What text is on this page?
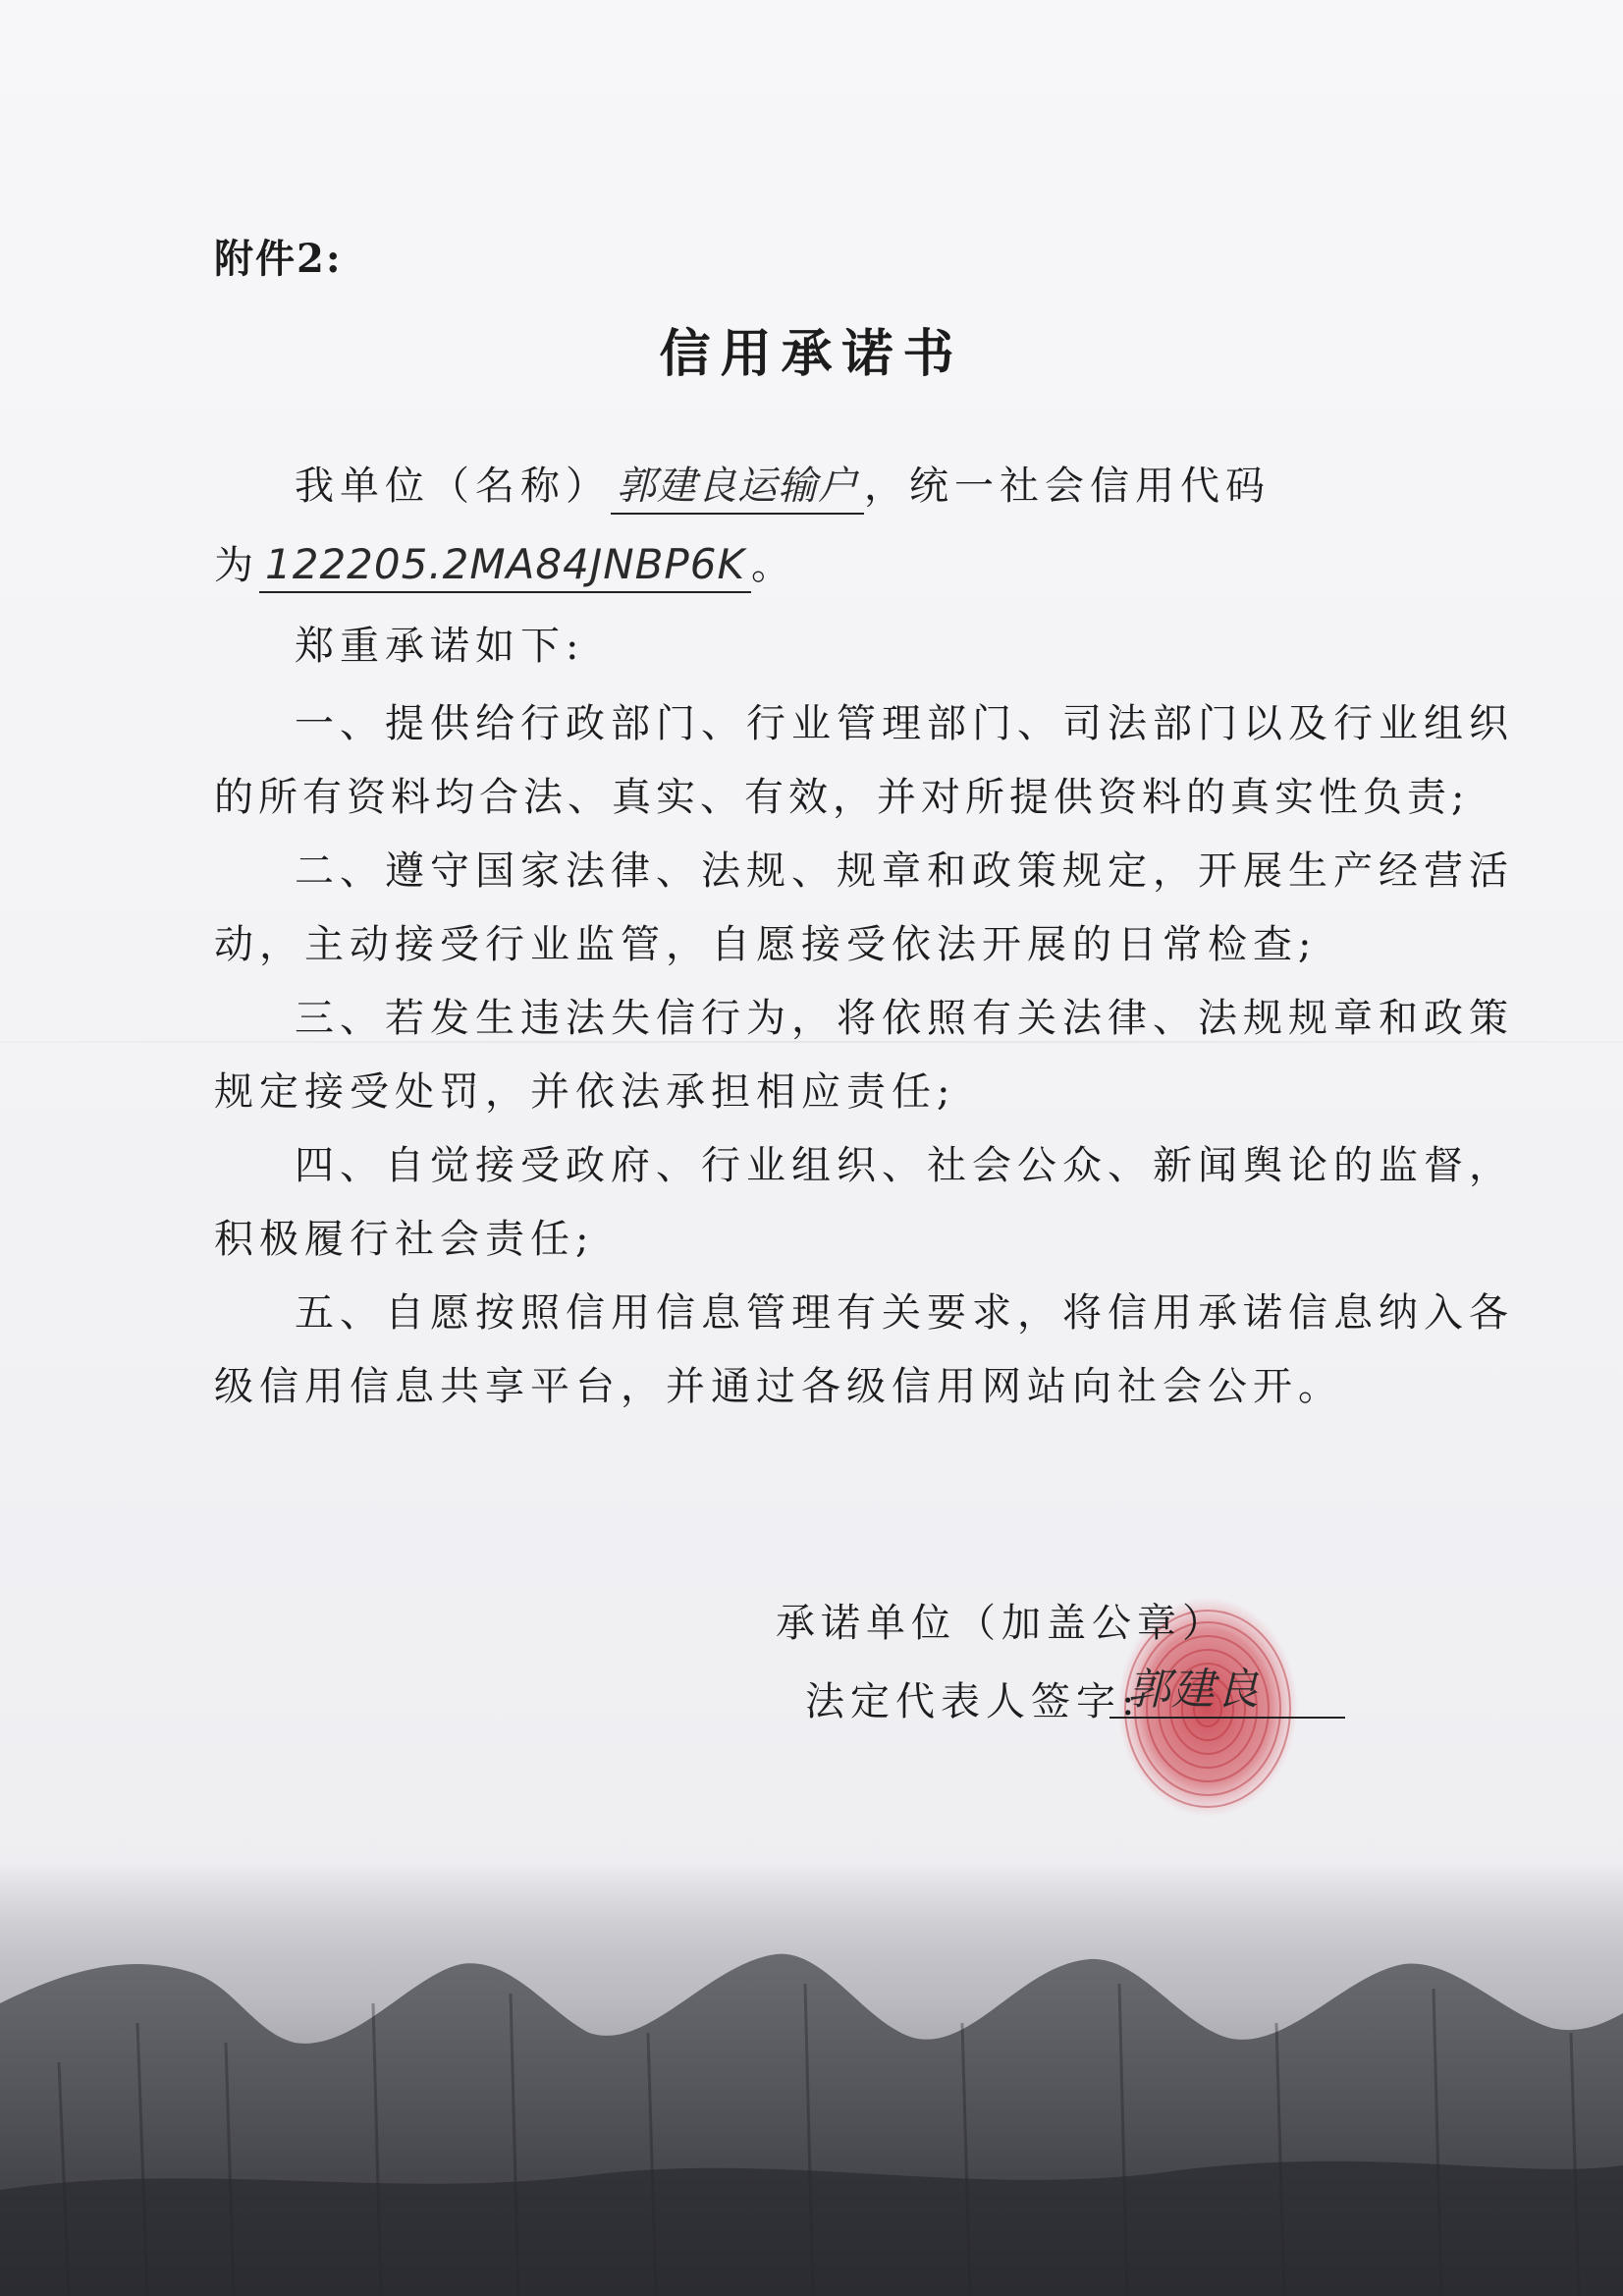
附件2:
信用承诺书
我单位（名称） 郭建良运输户 ，统一社会信用代码
为 122205.2MA84JNBP6K 。
郑重承诺如下:
一、提供给行政部门、行业管理部门、司法部门以及行业组织
的所有资料均合法、真实、有效，并对所提供资料的真实性负责;
二、遵守国家法律、法规、规章和政策规定，开展生产经营活
动，主动接受行业监管，自愿接受依法开展的日常检查;
三、若发生违法失信行为，将依照有关法律、法规规章和政策
规定接受处罚，并依法承担相应责任;
四、自觉接受政府、行业组织、社会公众、新闻舆论的监督，
积极履行社会责任;
五、自愿按照信用信息管理有关要求，将信用承诺信息纳入各
级信用信息共享平台，并通过各级信用网站向社会公开。
承诺单位（加盖公章）
法定代表人签字:
郭建良
